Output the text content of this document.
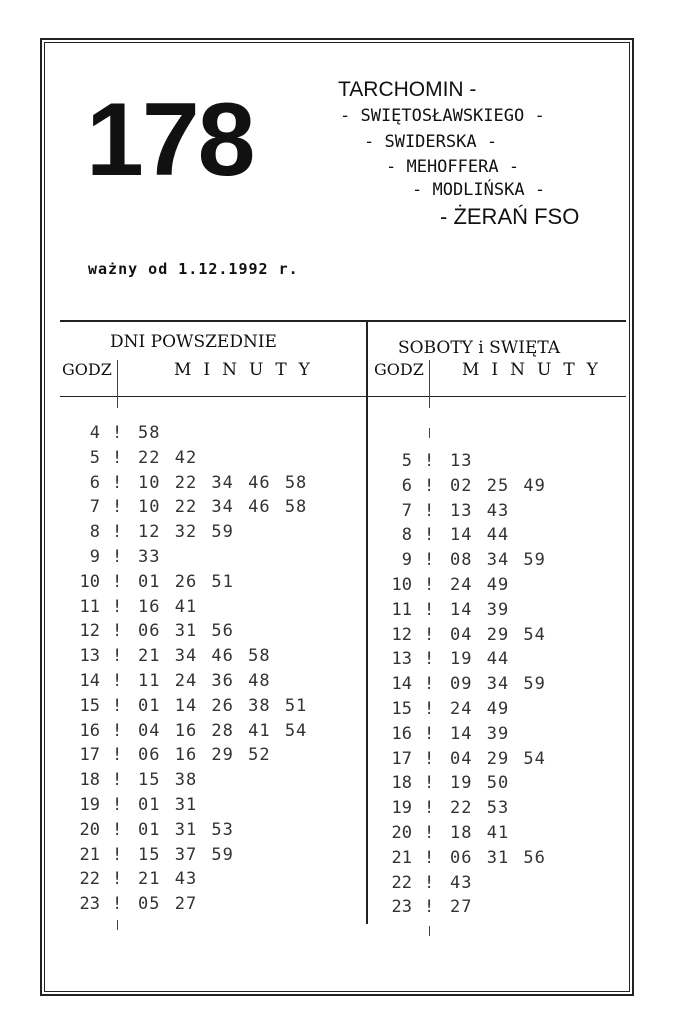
178	TARCHOMIN -
- SWIĘTOSŁAWSKIEGO -
- SWIDERSKA -
- MEHOFFERA -
- MODLIŃSKA -
- ŻERAŃ FSO
ważny od 1.12.1992 r.
DNI POWSZEDNIE
GODZ	MINUTY
SOBOTY i SWIĘTA
GODZ MINUTY
4 ! 58
5 ! 22 42
6 ! 10 22 34 46 58
7 ! 10 22 34 46 58
8 ! 12 32 59
9 ! 33
10 ! 01 26 51
11 ! 16 41
12 ! 06 31 56
13 ! 21 34 46 58
14 ! 11 24 36 48
15 ! 01 14 26 38 51
16 ! 04 16 28 41 54
17 ! 06 16 29 52
18 ! 15 38
19 ! 01 31
20 ! 01 31 53
21 ! 15 37 59
22 ! 21 43
23 ! 05 27
5 ! 13
6 ! 02 25 49
7 ! 13 43
8 ! 14 44
9 ! 08 34 59
10 ! 24 49
11 ! 14 39
12 ! 04 29 54
13 ! 19 44
14 ! 09 34 59
15 ! 24 49
16 ! 14 39
17 ! 04 29 54
18 ! 19 50
19 ! 22 53
20 ! 18 41
21 ! 06 31 56
22 ! 43
23 ! 27
